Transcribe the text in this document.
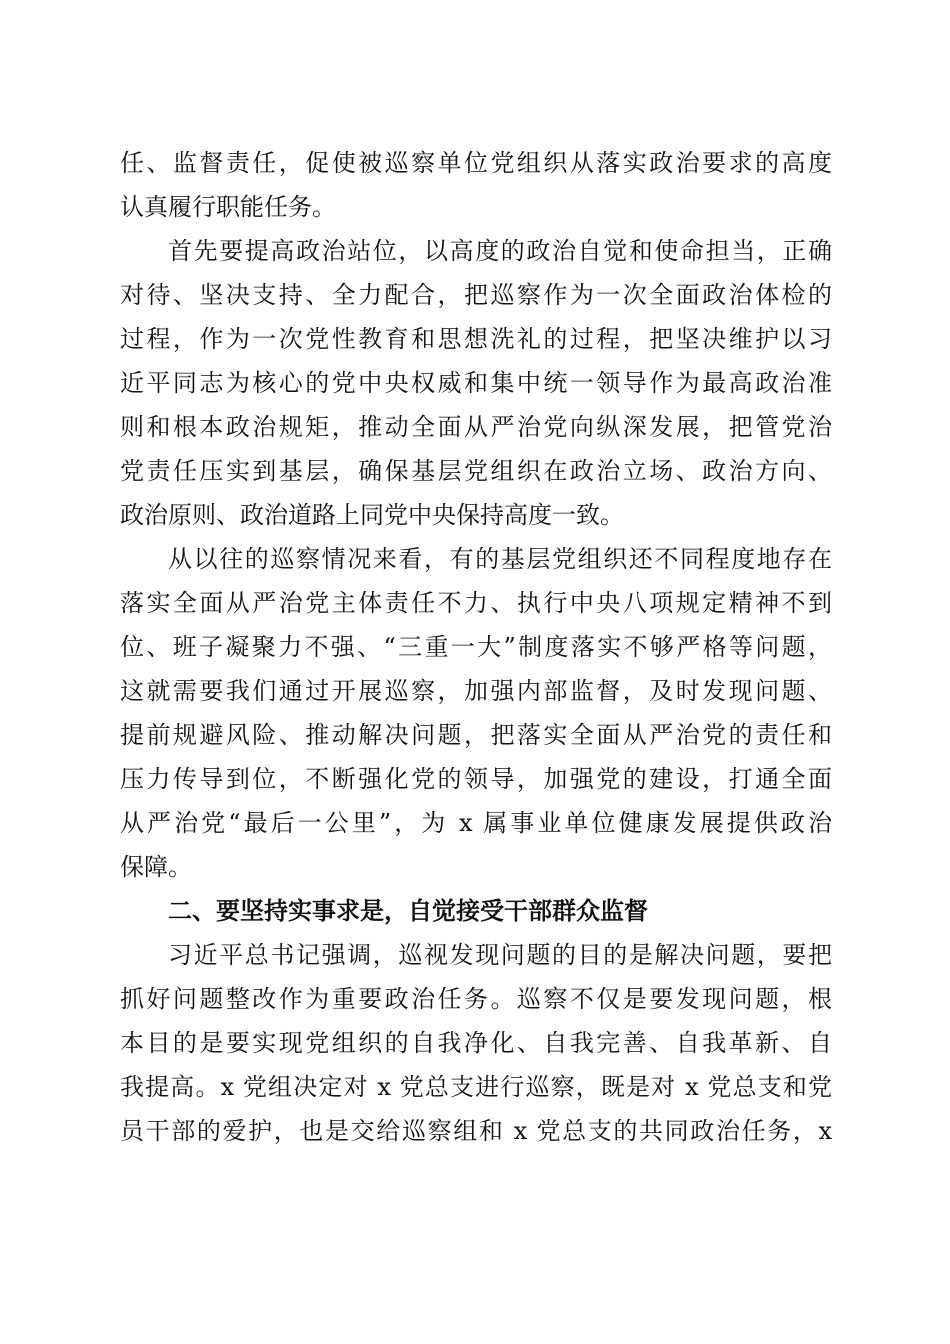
任、监督责任，促使被巡察单位党组织从落实政治要求的高度
认真履行职能任务。
首先要提高政治站位，以高度的政治自觉和使命担当，正确
对待、坚决支持、全力配合，把巡察作为一次全面政治体检的
过程，作为一次党性教育和思想洗礼的过程，把坚决维护以习
近平同志为核心的党中央权威和集中统一领导作为最高政治准
则和根本政治规矩，推动全面从严治党向纵深发展，把管党治
党责任压实到基层，确保基层党组织在政治立场、政治方向、
政治原则、政治道路上同党中央保持高度一致。
从以往的巡察情况来看，有的基层党组织还不同程度地存在
落实全面从严治党主体责任不力、执行中央八项规定精神不到
位、班子凝聚力不强、“三重一大”制度落实不够严格等问题，
这就需要我们通过开展巡察，加强内部监督，及时发现问题、
提前规避风险、推动解决问题，把落实全面从严治党的责任和
压力传导到位，不断强化党的领导，加强党的建设，打通全面
从严治党“最后一公里”，为 x 属事业单位健康发展提供政治
保障。
二、要坚持实事求是，自觉接受干部群众监督
习近平总书记强调，巡视发现问题的目的是解决问题，要把
抓好问题整改作为重要政治任务。巡察不仅是要发现问题，根
本目的是要实现党组织的自我净化、自我完善、自我革新、自
我提高。x 党组决定对 x 党总支进行巡察，既是对 x 党总支和党
员干部的爱护，也是交给巡察组和 x 党总支的共同政治任务，x
